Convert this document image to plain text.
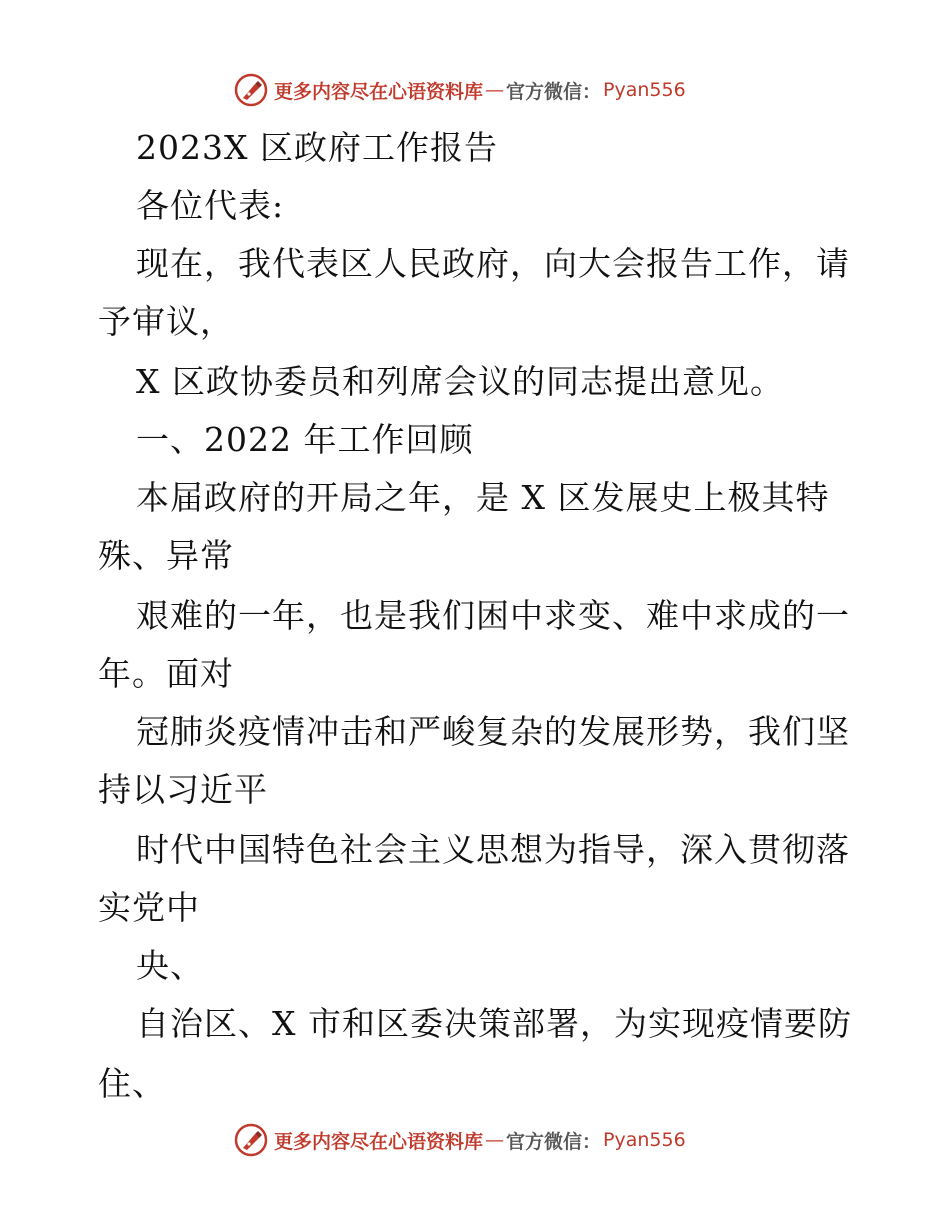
更多内容尽在心语资料库 — 官方微信： Pyan556
2023X 区政府工作报告
各位代表:
现在，我代表区人民政府，向大会报告工作，请
予审议，
X 区政协委员和列席会议的同志提出意见。
一、2022 年工作回顾
本届政府的开局之年，是 X 区发展史上极其特
殊、异常
艰难的一年，也是我们困中求变、难中求成的一
年。面对
冠肺炎疫情冲击和严峻复杂的发展形势，我们坚
持以习近平
时代中国特色社会主义思想为指导，深入贯彻落
实党中
央、
自治区、X 市和区委决策部署，为实现疫情要防
住、
更多内容尽在心语资料库 — 官方微信： Pyan556
